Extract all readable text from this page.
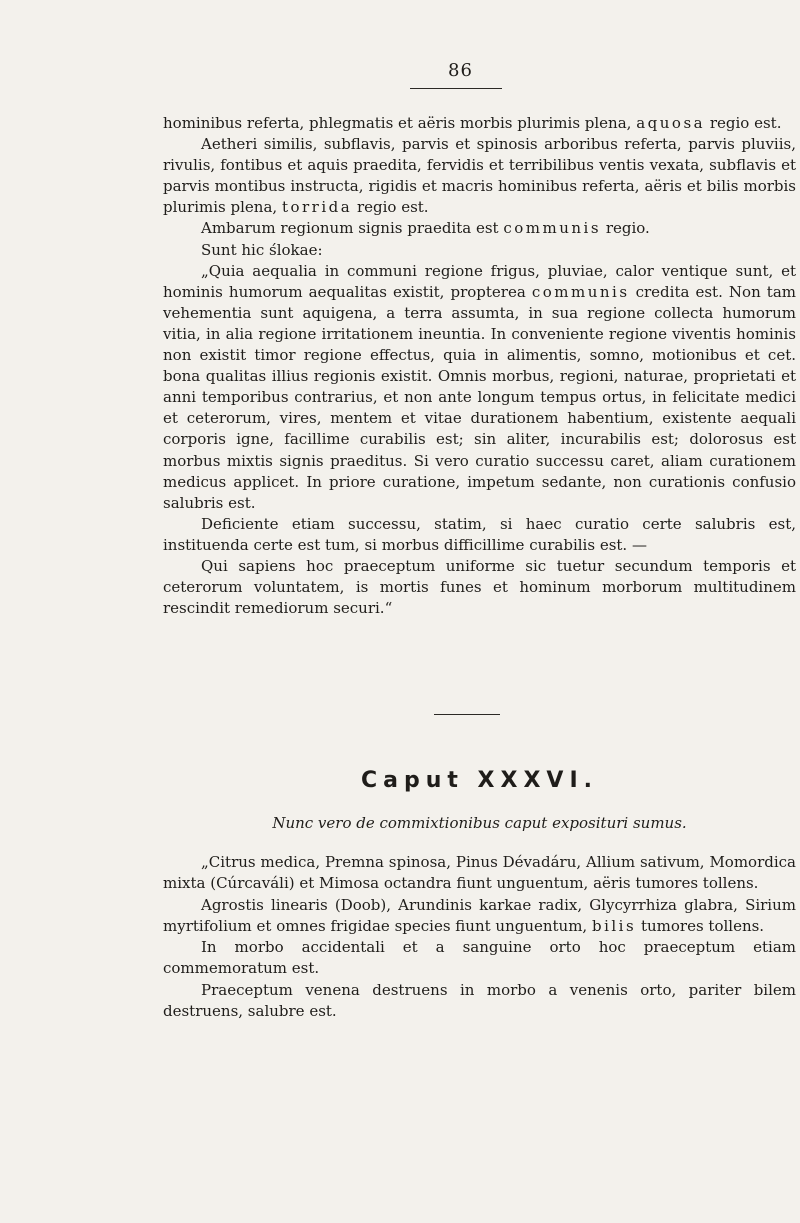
86

hominibus referta, phlegmatis et aëris morbis plurimis plena, aquosa regio est.

Aetheri similis, subflavis, parvis et spinosis arboribus referta, parvis pluviis, rivulis, fontibus et aquis praedita, fervidis et terribilibus ventis vexata, subflavis et parvis montibus instructa, rigidis et macris hominibus referta, aëris et bilis morbis plurimis plena, torrida regio est.

Ambarum regionum signis praedita est communis regio.

Sunt hic ślokae:

„Quia aequalia in communi regione frigus, pluviae, calor ventique sunt, et hominis humorum aequalitas existit, propterea communis credita est. Non tam vehementia sunt aquigena, a terra assumta, in sua regione collecta humorum vitia, in alia regione irritationem ineuntia. In conveniente regione viventis hominis non existit timor regione effectus, quia in alimentis, somno, motionibus et cet. bona qualitas illius regionis existit. Omnis morbus, regioni, naturae, proprietati et anni temporibus contrarius, et non ante longum tempus ortus, in felicitate medici et ceterorum, vires, mentem et vitae durationem habentium, existente aequali corporis igne, facillime curabilis est; sin aliter, incurabilis est; dolorosus est morbus mixtis signis praeditus. Si vero curatio successu caret, aliam curationem medicus applicet. In priore curatione, impetum sedante, non curationis confusio salubris est.

Deficiente etiam successu, statim, si haec curatio certe salubris est, instituenda certe est tum, si morbus difficillime curabilis est. —

Qui sapiens hoc praeceptum uniforme sic tuetur secundum temporis et ceterorum voluntatem, is mortis funes et hominum morborum multitudinem rescindit remediorum securi.“

Caput XXXVI.
Nunc vero de commixtionibus caput exposituri sumus.

„Citrus medica, Premna spinosa, Pinus Dévadáru, Allium sativum, Momordica mixta (Cúrcaváli) et Mimosa octandra fiunt unguentum, aëris tumores tollens.

Agrostis linearis (Doob), Arundinis karkae radix, Glycyrrhiza glabra, Sirium myrtifolium et omnes frigidae species fiunt unguentum, bilis tumores tollens.

In morbo accidentali et a sanguine orto hoc praeceptum etiam commemoratum est.

Praeceptum venena destruens in morbo a venenis orto, pariter bilem destruens, salubre est.
